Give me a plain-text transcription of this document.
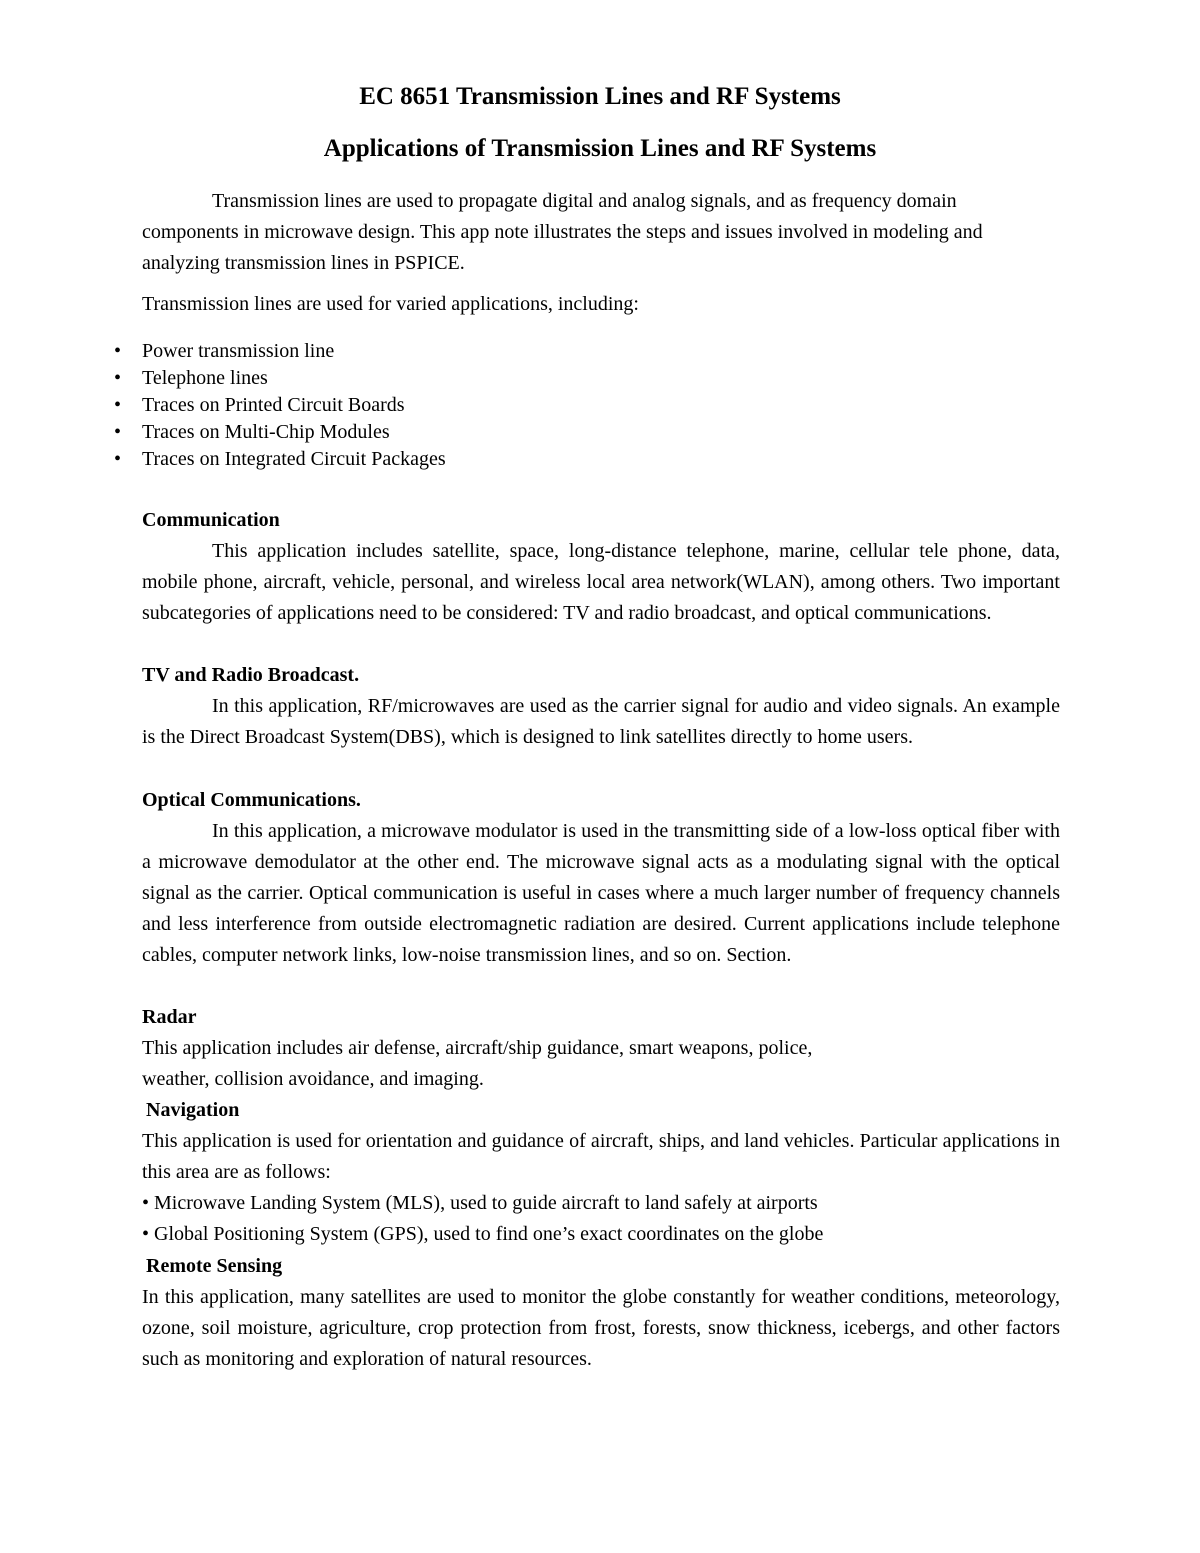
EC 8651 Transmission Lines and RF Systems
Applications of Transmission Lines and RF Systems

Transmission lines are used to propagate digital and analog signals, and as frequency domain components in microwave design. This app note illustrates the steps and issues involved in modeling and analyzing transmission lines in PSPICE.

Transmission lines are used for varied applications, including:

• Power transmission line
• Telephone lines
• Traces on Printed Circuit Boards
• Traces on Multi-Chip Modules
• Traces on Integrated Circuit Packages
Communication

This application includes satellite, space, long-distance telephone, marine, cellular tele phone, data, mobile phone, aircraft, vehicle, personal, and wireless local area network(WLAN), among others. Two important subcategories of applications need to be considered: TV and radio broadcast, and optical communications.

TV and Radio Broadcast.

In this application, RF/microwaves are used as the carrier signal for audio and video signals. An example is the Direct Broadcast System(DBS), which is designed to link satellites directly to home users.

Optical Communications.

In this application, a microwave modulator is used in the transmitting side of a low-loss optical fiber with a microwave demodulator at the other end. The microwave signal acts as a modulating signal with the optical signal as the carrier. Optical communication is useful in cases where a much larger number of frequency channels and less interference from outside electromagnetic radiation are desired. Current applications include telephone cables, computer network links, low-noise transmission lines, and so on. Section.

Radar

This application includes air defense, aircraft/ship guidance, smart weapons, police,

weather, collision avoidance, and imaging.

Navigation

This application is used for orientation and guidance of aircraft, ships, and land vehicles. Particular applications in this area are as follows:

• Microwave Landing System (MLS), used to guide aircraft to land safely at airports

• Global Positioning System (GPS), used to find one’s exact coordinates on the globe

Remote Sensing

In this application, many satellites are used to monitor the globe constantly for weather conditions, meteorology, ozone, soil moisture, agriculture, crop protection from frost, forests, snow thickness, icebergs, and other factors such as monitoring and exploration of natural resources.
